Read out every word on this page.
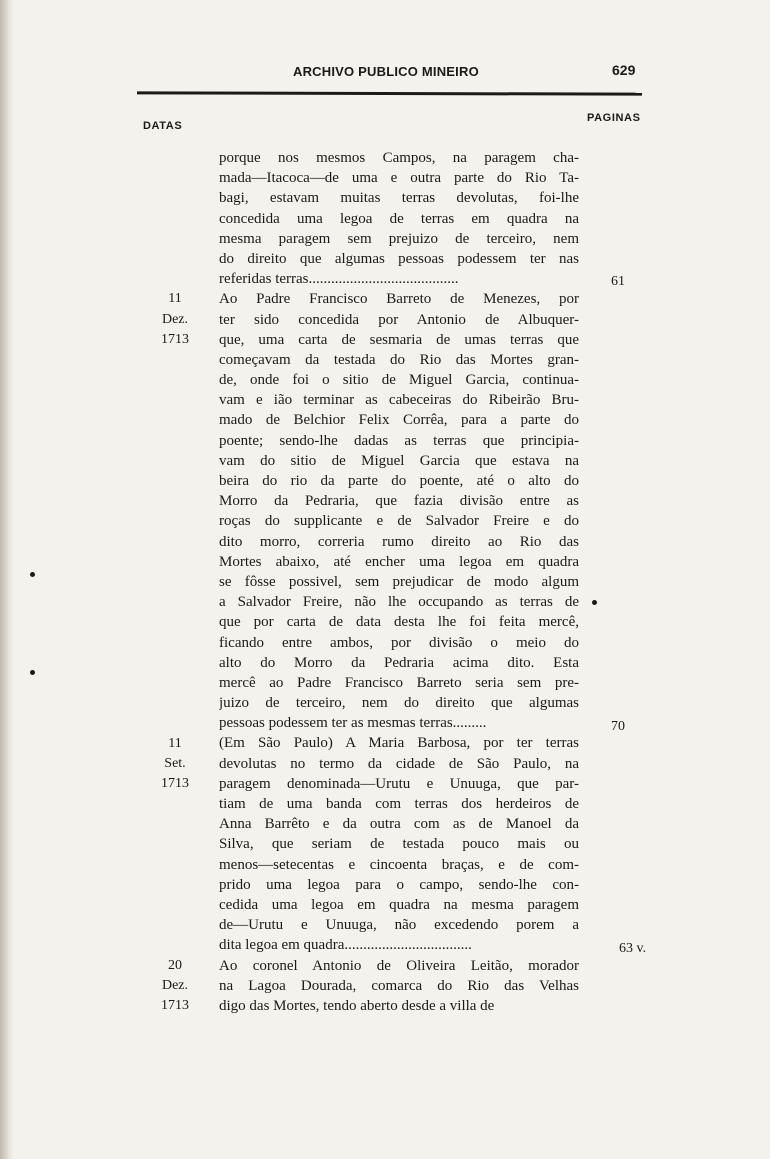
ARCHIVO PUBLICO MINEIRO	629
DATAS
PAGINAS
porque nos mesmos Campos, na paragem cha-
mada—Itacoca—de uma e outra parte do Rio Ta-
bagi, estavam muitas terras devolutas, foi-lhe
concedida uma legoa de terras em quadra na
mesma paragem sem prejuizo de terceiro, nem
do direito que algumas pessoas podessem ter nas
referidas terras........................................
Ao Padre Francisco Barreto de Menezes, por
ter sido concedida por Antonio de Albuquer-
que, uma carta de sesmaria de umas terras que
começavam da testada do Rio das Mortes gran-
de, onde foi o sitio de Miguel Garcia, continua-
vam e ião terminar as cabeceiras do Ribeirão Bru-
mado de Belchior Felix Corrêa, para a parte do
poente; sendo-lhe dadas as terras que principia-
vam do sitio de Miguel Garcia que estava na
beira do rio da parte do poente, até o alto do
Morro da Pedraria, que fazia divisão entre as
roças do supplicante e de Salvador Freire e do
dito morro, correria rumo direito ao Rio das
Mortes abaixo, até encher uma legoa em quadra
se fôsse possivel, sem prejudicar de modo algum
a Salvador Freire, não lhe occupando as terras de
que por carta de data desta lhe foi feita mercê,
ficando entre ambos, por divisão o meio do
alto do Morro da Pedraria acima dito. Esta
mercê ao Padre Francisco Barreto seria sem pre-
juizo de terceiro, nem do direito que algumas
pessoas podessem ter as mesmas terras.........
(Em São Paulo) A Maria Barbosa, por ter terras
devolutas no termo da cidade de São Paulo, na
paragem denominada—Urutu e Unuuga, que par-
tiam de uma banda com terras dos herdeiros de
Anna Barrêto e da outra com as de Manoel da
Silva, que seriam de testada pouco mais ou
menos—setecentas e cincoenta braças, e de com-
prido uma legoa para o campo, sendo-lhe con-
cedida uma legoa em quadra na mesma paragem
de—Urutu e Unuuga, não excedendo porem a
dita legoa em quadra..................................
Ao coronel Antonio de Oliveira Leitão, morador
na Lagoa Dourada, comarca do Rio das Velhas
digo das Mortes, tendo aberto desde a villa de
61
11
Dez.
1713
70
11
Set.
1713
63 v.
20
Dez.
1713
